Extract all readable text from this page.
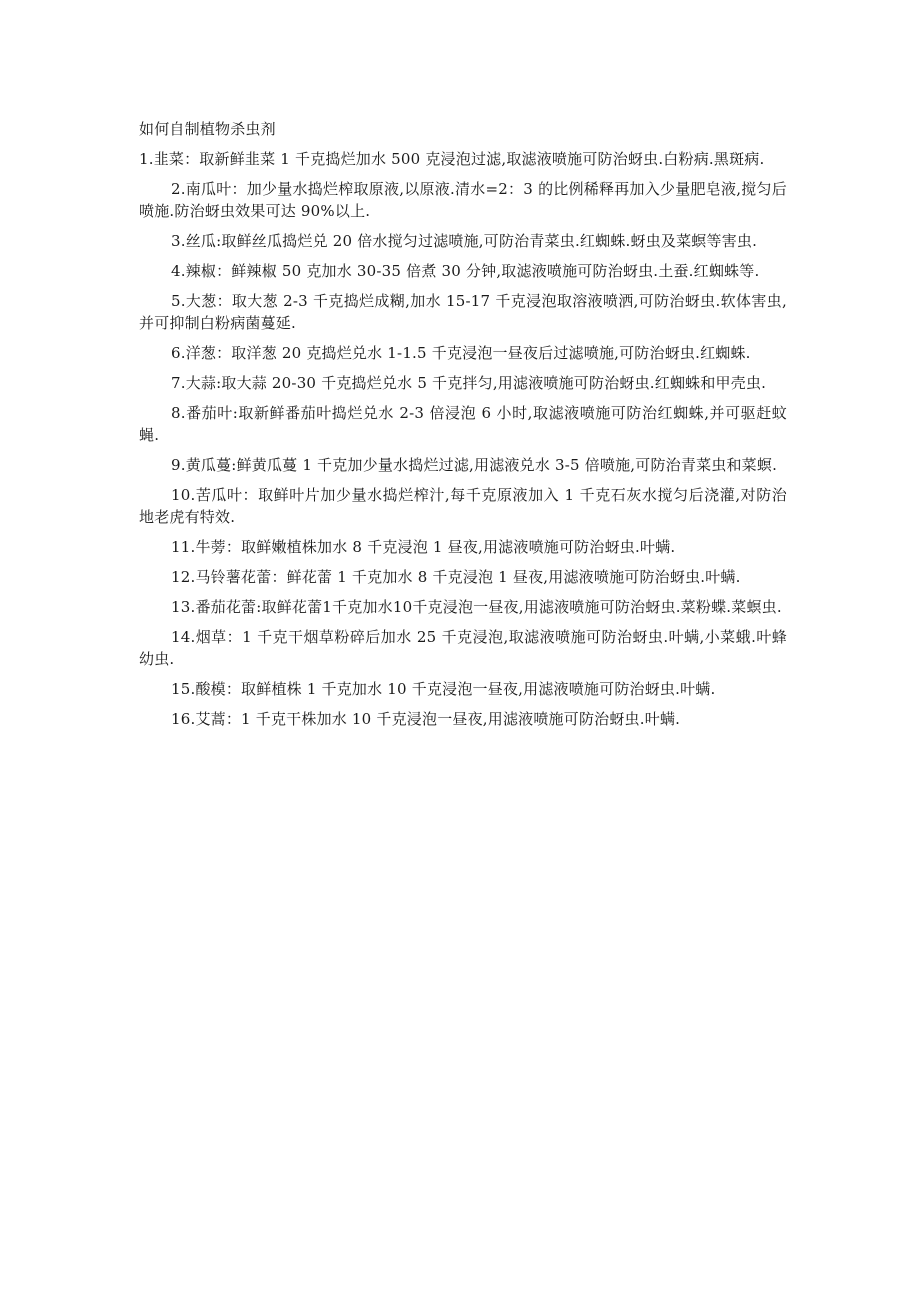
如何自制植物杀虫剂

1.韭菜：取新鲜韭菜 1 千克捣烂加水 500 克浸泡过滤,取滤液喷施可防治蚜虫.白粉病.黑斑病.

2.南瓜叶：加少量水捣烂榨取原液,以原液.清水=2：3 的比例稀释再加入少量肥皂液,搅匀后喷施.防治蚜虫效果可达 90%以上.

3.丝瓜:取鲜丝瓜捣烂兑 20 倍水搅匀过滤喷施,可防治青菜虫.红蜘蛛.蚜虫及菜螟等害虫.

4.辣椒：鲜辣椒 50 克加水 30-35 倍煮 30 分钟,取滤液喷施可防治蚜虫.土蚕.红蜘蛛等.

5.大葱：取大葱 2-3 千克捣烂成糊,加水 15-17 千克浸泡取溶液喷洒,可防治蚜虫.软体害虫,并可抑制白粉病菌蔓延.

6.洋葱：取洋葱 20 克捣烂兑水 1-1.5 千克浸泡一昼夜后过滤喷施,可防治蚜虫.红蜘蛛.

7.大蒜:取大蒜 20-30 千克捣烂兑水 5 千克拌匀,用滤液喷施可防治蚜虫.红蜘蛛和甲壳虫.

8.番茄叶:取新鲜番茄叶捣烂兑水 2-3 倍浸泡 6 小时,取滤液喷施可防治红蜘蛛,并可驱赶蚊蝇.

9.黄瓜蔓:鲜黄瓜蔓 1 千克加少量水捣烂过滤,用滤液兑水 3-5 倍喷施,可防治青菜虫和菜螟.

10.苦瓜叶：取鲜叶片加少量水捣烂榨汁,每千克原液加入 1 千克石灰水搅匀后浇灌,对防治地老虎有特效.

11.牛蒡：取鲜嫩植株加水 8 千克浸泡 1 昼夜,用滤液喷施可防治蚜虫.叶螨.

12.马铃薯花蕾：鲜花蕾 1 千克加水 8 千克浸泡 1 昼夜,用滤液喷施可防治蚜虫.叶螨.

13.番茄花蕾:取鲜花蕾1千克加水10千克浸泡一昼夜,用滤液喷施可防治蚜虫.菜粉蝶.菜螟虫.

14.烟草：1 千克干烟草粉碎后加水 25 千克浸泡,取滤液喷施可防治蚜虫.叶螨,小菜蛾.叶蜂幼虫.

15.酸模：取鲜植株 1 千克加水 10 千克浸泡一昼夜,用滤液喷施可防治蚜虫.叶螨.

16.艾蒿：1 千克干株加水 10 千克浸泡一昼夜,用滤液喷施可防治蚜虫.叶螨.
